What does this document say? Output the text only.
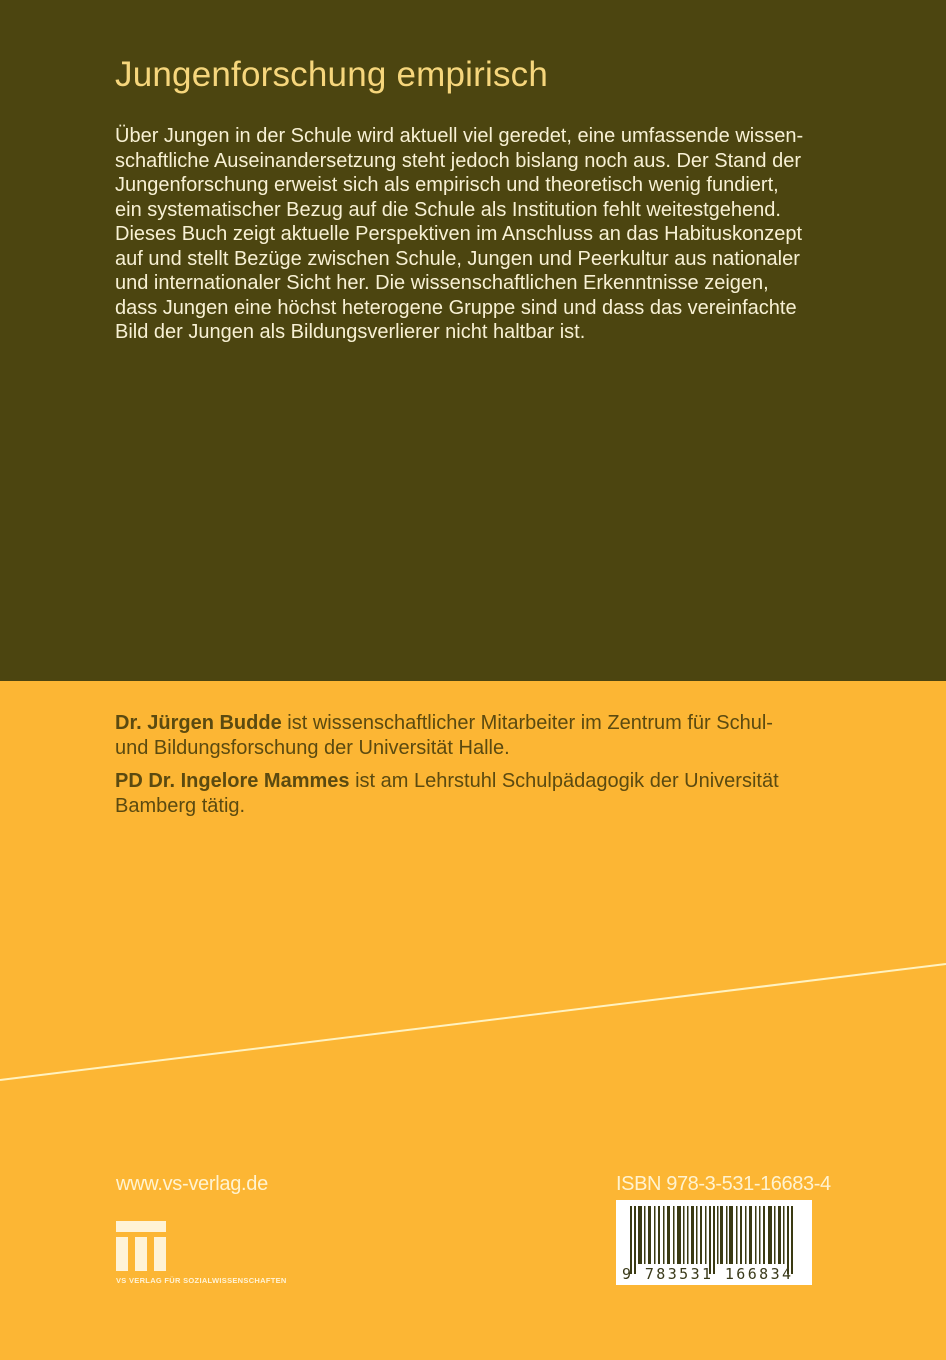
Jungenforschung empirisch
Über Jungen in der Schule wird aktuell viel geredet, eine umfassende wissen-
schaftliche Auseinandersetzung steht jedoch bislang noch aus. Der Stand der
Jungenforschung erweist sich als empirisch und theoretisch wenig fundiert,
ein systematischer Bezug auf die Schule als Institution fehlt weitestgehend.
Dieses Buch zeigt aktuelle Perspektiven im Anschluss an das Habituskonzept
auf und stellt Bezüge zwischen Schule, Jungen und Peerkultur aus nationaler
und internationaler Sicht her. Die wissenschaftlichen Erkenntnisse zeigen,
dass Jungen eine höchst heterogene Gruppe sind und dass das vereinfachte
Bild der Jungen als Bildungsverlierer nicht haltbar ist.
Dr. Jürgen Budde ist wissenschaftlicher Mitarbeiter im Zentrum für Schul-
und Bildungsforschung der Universität Halle.
PD Dr. Ingelore Mammes ist am Lehrstuhl Schulpädagogik der Universität
Bamberg tätig.
www.vs-verlag.de
VS VERLAG FÜR SOZIALWISSENSCHAFTEN
ISBN 978-3-531-16683-4
9 783531 166834
